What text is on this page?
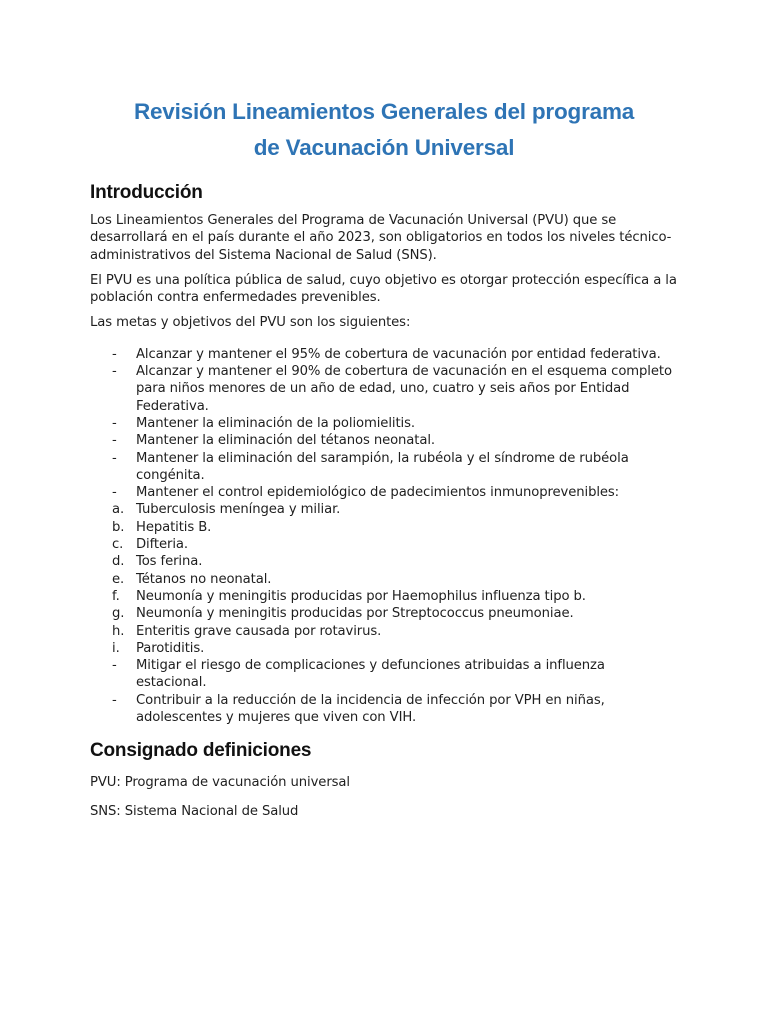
Revisión Lineamientos Generales del programa
de Vacunación Universal
Introducción

Los Lineamientos Generales del Programa de Vacunación Universal (PVU) que se desarrollará en el país durante el año 2023, son obligatorios en todos los niveles técnico-administrativos del Sistema Nacional de Salud (SNS).

El PVU es una política pública de salud, cuyo objetivo es otorgar protección específica a la población contra enfermedades prevenibles.

Las metas y objetivos del PVU son los siguientes:

- Alcanzar y mantener el 95% de cobertura de vacunación por entidad federativa.
- Alcanzar y mantener el 90% de cobertura de vacunación en el esquema completo para niños menores de un año de edad, uno, cuatro y seis años por Entidad Federativa.
- Mantener la eliminación de la poliomielitis.
- Mantener la eliminación del tétanos neonatal.
- Mantener la eliminación del sarampión, la rubéola y el síndrome de rubéola congénita.
- Mantener el control epidemiológico de padecimientos inmunoprevenibles:
a. Tuberculosis meníngea y miliar.
b. Hepatitis B.
c. Difteria.
d. Tos ferina.
e. Tétanos no neonatal.
f. Neumonía y meningitis producidas por Haemophilus influenza tipo b.
g. Neumonía y meningitis producidas por Streptococcus pneumoniae.
h. Enteritis grave causada por rotavirus.
i. Parotiditis.
- Mitigar el riesgo de complicaciones y defunciones atribuidas a influenza estacional.
- Contribuir a la reducción de la incidencia de infección por VPH en niñas, adolescentes y mujeres que viven con VIH.
Consignado definiciones

PVU: Programa de vacunación universal

SNS: Sistema Nacional de Salud
